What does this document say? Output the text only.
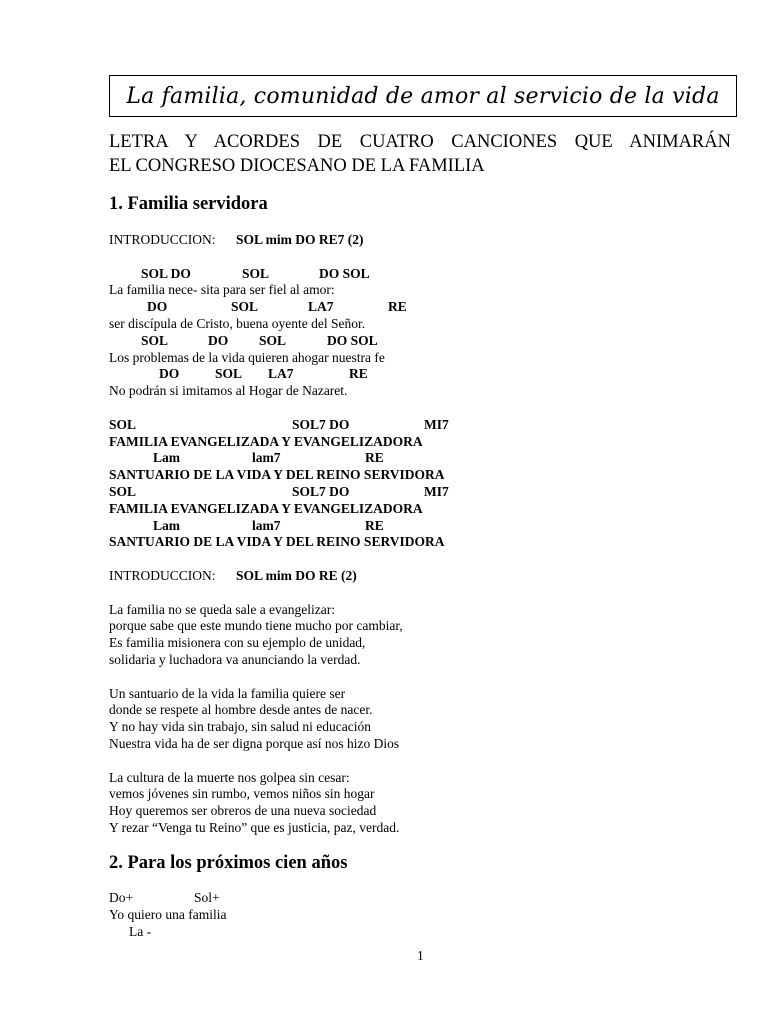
La familia, comunidad de amor al servicio de la vida
LETRA Y ACORDES DE CUATRO CANCIONES QUE ANIMARÁN
EL CONGRESO DIOCESANO DE LA FAMILIA
1. Familia servidora
INTRODUCCION: SOL mim DO RE7 (2)
SOL DO	SOL	DO SOL
La familia nece- sita para ser fiel al amor:
DO	SOL	LA7	RE
ser discípula de Cristo, buena oyente del Señor.
SOL	DO SOL	DO SOL
Los problemas de la vida quieren ahogar nuestra fe
DO	SOL LA7	RE
No podrán si imitamos al Hogar de Nazaret.
SOL	SOL7 DO	MI7
FAMILIA EVANGELIZADA Y EVANGELIZADORA
Lam	lam7	RE
SANTUARIO DE LA VIDA Y DEL REINO SERVIDORA
SOL	SOL7 DO	MI7
FAMILIA EVANGELIZADA Y EVANGELIZADORA
Lam	lam7	RE
SANTUARIO DE LA VIDA Y DEL REINO SERVIDORA
INTRODUCCION: SOL mim DO RE (2)
La familia no se queda sale a evangelizar:
porque sabe que este mundo tiene mucho por cambiar,
Es familia misionera con su ejemplo de unidad,
solidaria y luchadora va anunciando la verdad.
Un santuario de la vida la familia quiere ser
donde se respete al hombre desde antes de nacer.
Y no hay vida sin trabajo, sin salud ni educación
Nuestra vida ha de ser digna porque así nos hizo Dios
La cultura de la muerte nos golpea sin cesar:
vemos jóvenes sin rumbo, vemos niños sin hogar
Hoy queremos ser obreros de una nueva sociedad
Y rezar “Venga tu Reino” que es justicia, paz, verdad.
2. Para los próximos cien años
Do+	Sol+
Yo quiero una familia
La -
1
